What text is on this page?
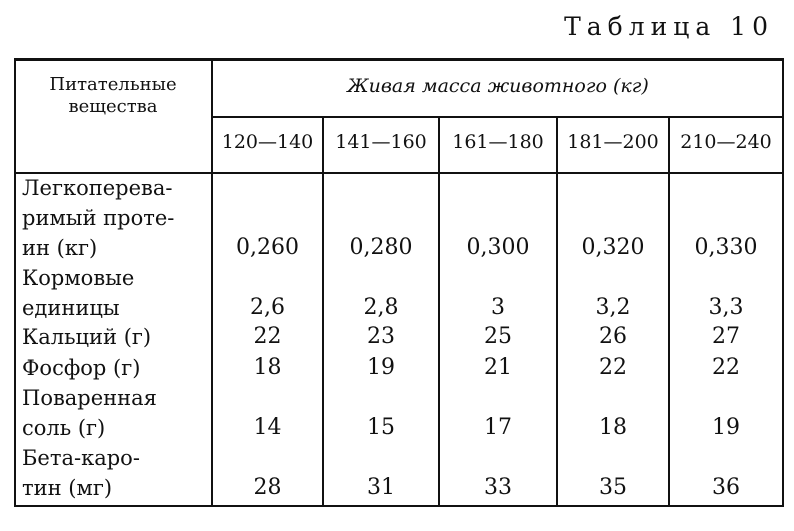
Таблица 10
Питательные
вещества
Живая масса животного (кг)
120—140	141—160	161—180	181—200	210—240
Легкоперева-
римый проте-
ин (кг)	0,260	0,280	0,300	0,320	0,330
Кормовые
единицы	2,6	2,8	3	3,2	3,3
Кальций (г)	22	23	25	26	27
Фосфор (г)	18	19	21	22	22
Поваренная
соль (г)	14	15	17	18	19
Бета-каро-
тин (мг)	28	31	33	35	36
